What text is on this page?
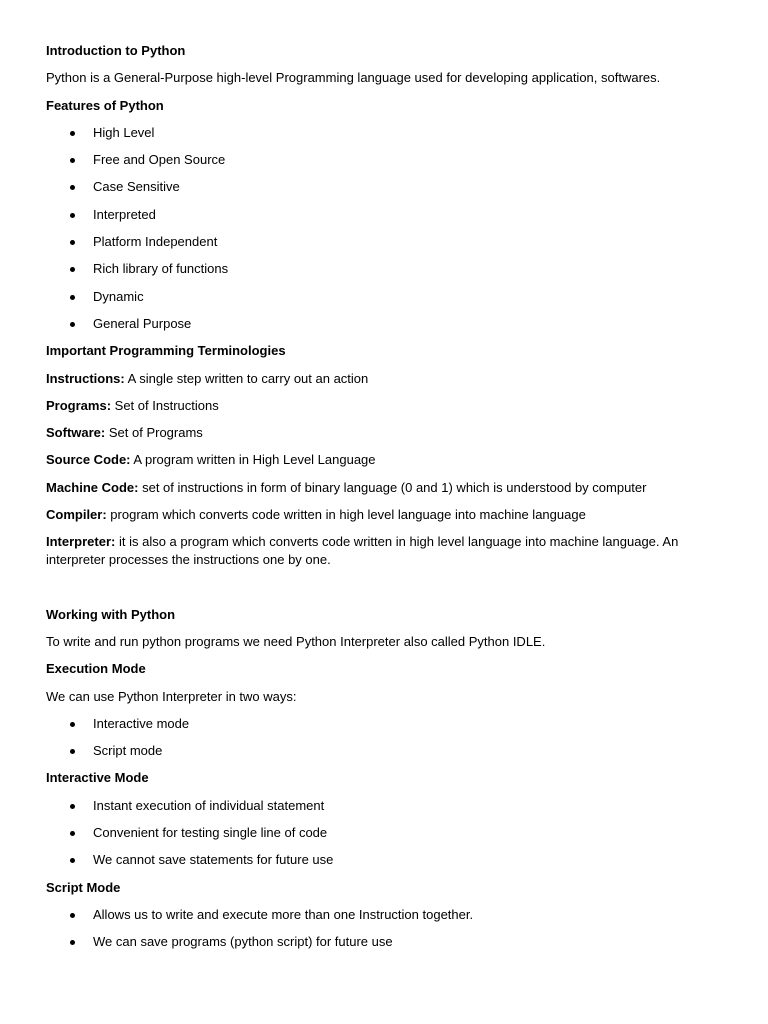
Introduction to Python
Python is a General-Purpose high-level Programming language used for developing application, softwares.
Features of Python
High Level
Free and Open Source
Case Sensitive
Interpreted
Platform Independent
Rich library of functions
Dynamic
General Purpose
Important Programming Terminologies
Instructions: A single step written to carry out an action
Programs: Set of Instructions
Software: Set of Programs
Source Code: A program written in High Level Language
Machine Code: set of instructions in form of binary language (0 and 1) which is understood by computer
Compiler: program which converts code written in high level language into machine language
Interpreter: it is also a program which converts code written in high level language into machine language. An interpreter processes the instructions one by one.
Working with Python
To write and run python programs we need Python Interpreter also called Python IDLE.
Execution Mode
We can use Python Interpreter in two ways:
Interactive mode
Script mode
Interactive Mode
Instant execution of individual statement
Convenient for testing single line of code
We cannot save statements for future use
Script Mode
Allows us to write and execute more than one Instruction together.
We can save programs (python script) for future use
